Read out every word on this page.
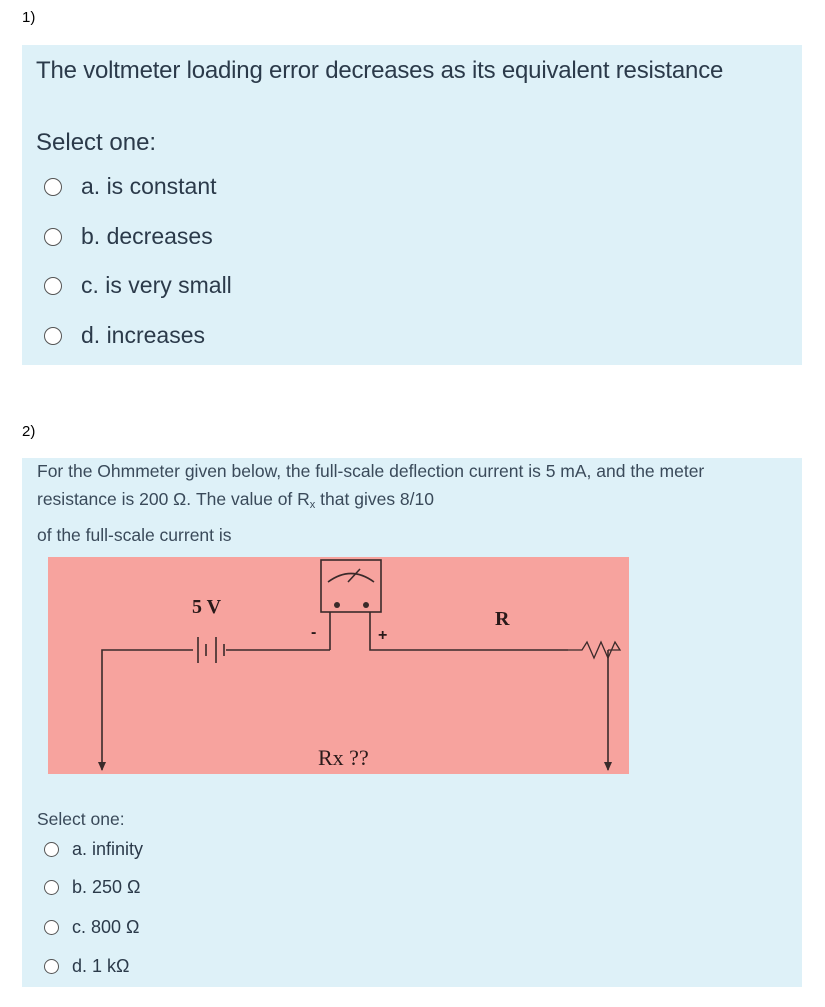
1)
The voltmeter loading error decreases as its equivalent resistance
Select one:
a. is constant
b. decreases
c. is very small
d. increases
2)
For the Ohmmeter given below, the full-scale deflection current is 5 mA, and the meter
resistance is 200 Ω. The value of $R_x$ that gives 8/10
of the full-scale current is
5 V
R
+
-
Rx ??
Select one:
a. infinity
b. 250 Ω
c. 800 Ω
d. 1 kΩ
